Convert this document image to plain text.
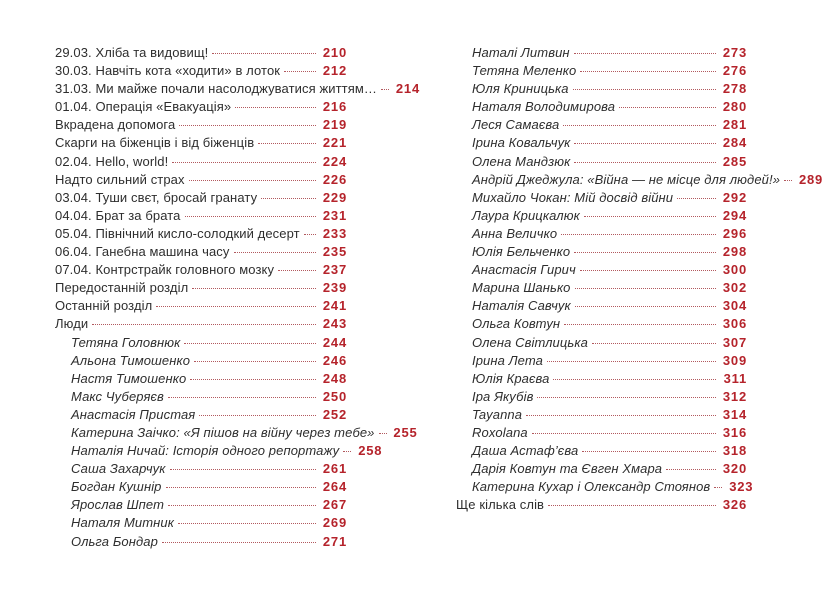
29.03. Хліба та видовищ!	210
30.03. Навчіть кота «ходити» в лоток	212
31.03. Ми майже почали насолоджуватися життям…	214
01.04. Операція «Евакуація»	216
Вкрадена допомога	219
Скарги на біженців і від біженців	221
02.04. Hello, world!	224
Надто сильний страх	226
03.04. Туши свєт, бросай гранату	229
04.04. Брат за брата	231
05.04. Північний кисло-солодкий десерт	233
06.04. Ганебна машина часу	235
07.04. Контрстрайк головного мозку	237
Передостанній розділ	239
Останній розділ	241
Люди	243
Тетяна Головнюк	244
Альона Тимошенко	246
Настя Тимошенко	248
Макс Чуберяєв	250
Анастасія Пристая	252
Катерина Заічко: «Я пішов на війну через тебе»	255
Наталія Ничай: Історія одного репортажу	258
Саша Захарчук	261
Богдан Кушнір	264
Ярослав Шпет	267
Наталя Митник	269
Ольга Бондар	271
Наталі Литвин	273
Тетяна Меленко	276
Юля Криницька	278
Наталя Володимирова	280
Леся Самаєва	281
Ірина Ковальчук	284
Олена Мандзюк	285
Андрій Джеджула: «Війна — не місце для людей!»	289
Михайло Чокан: Мій досвід війни	292
Лаура Крицкалюк	294
Анна Величко	296
Юлія Бельченко	298
Анастасія Гирич	300
Марина Шанько	302
Наталія Савчук	304
Ольга Ковтун	306
Олена Світлицька	307
Ірина Лета	309
Юлія Краєва	311
Іра Якубів	312
Tayanna	314
Roxolana	316
Даша Астаф’єва	318
Дарія Ковтун та Євген Хмара	320
Катерина Кухар і Олександр Стоянов	323
Ще кілька слів	326
